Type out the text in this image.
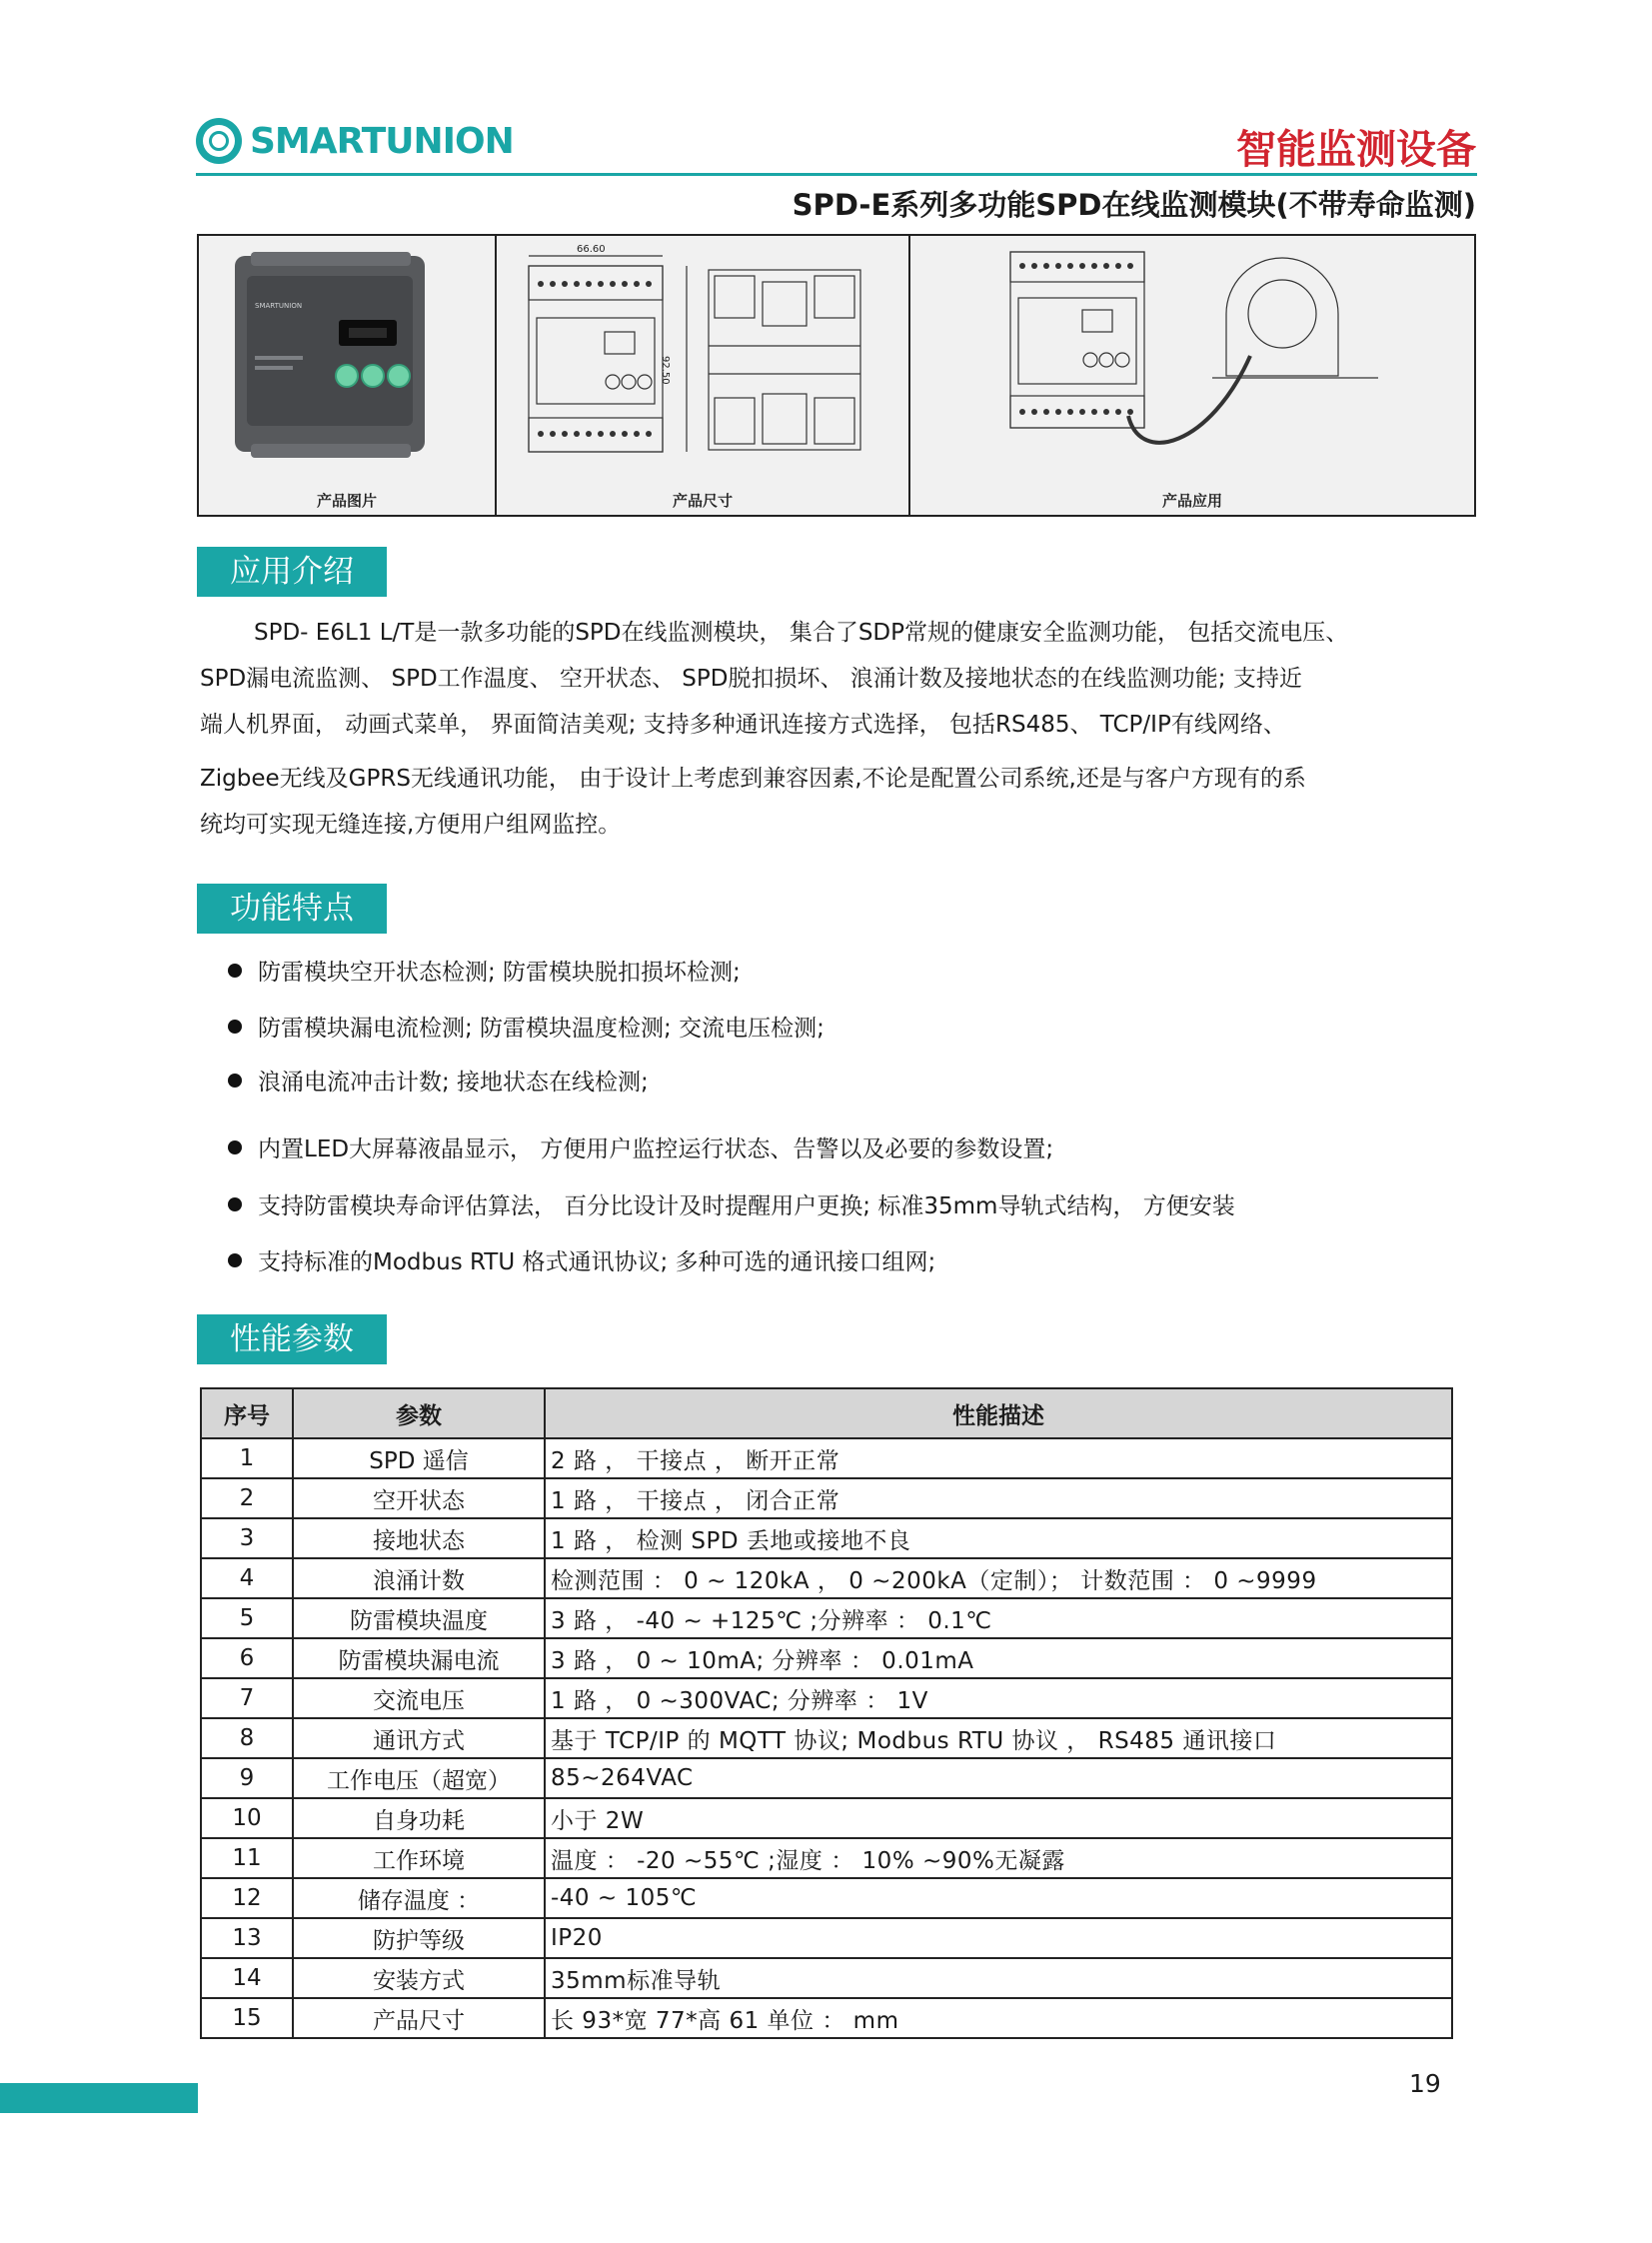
SMARTUNION	智能监测设备
SPD-E系列多功能SPD在线监测模块(不带寿命监测)
SMARTUNION
产品图片
66.60
92.50
产品尺寸	产品应用
应用介绍
SPD- E6L1 L/T是一款多功能的SPD在线监测模块， 集合了SDP常规的健康安全监测功能， 包括交流电压、
SPD漏电流监测、 SPD工作温度、 空开状态、 SPD脱扣损坏、 浪涌计数及接地状态的在线监测功能; 支持近
端人机界面， 动画式菜单， 界面简洁美观; 支持多种通讯连接方式选择， 包括RS485、 TCP/IP有线网络、
Zigbee无线及GPRS无线通讯功能， 由于设计上考虑到兼容因素,不论是配置公司系统,还是与客户方现有的系
统均可实现无缝连接,方便用户组网监控。
功能特点
防雷模块空开状态检测; 防雷模块脱扣损坏检测;
防雷模块漏电流检测; 防雷模块温度检测; 交流电压检测;
浪涌电流冲击计数; 接地状态在线检测;
内置LED大屏幕液晶显示， 方便用户监控运行状态、告警以及必要的参数设置;
支持防雷模块寿命评估算法， 百分比设计及时提醒用户更换; 标准35mm导轨式结构， 方便安装
支持标准的Modbus RTU 格式通讯协议; 多种可选的通讯接口组网;
性能参数
序号	参数	性能描述
1	SPD 遥信	2 路 ， 干接点 ， 断开正常
2	空开状态	1 路 ， 干接点 ， 闭合正常
3	接地状态	1 路 ， 检测 SPD 丢地或接地不良
4	浪涌计数	检测范围 ： 0 ~ 120kA ， 0 ~200kA（定制）； 计数范围 ： 0 ~9999
5	防雷模块温度	3 路 ， -40 ~ +125℃ ;分辨率 ： 0.1℃
6	防雷模块漏电流	3 路 ， 0 ~ 10mA; 分辨率 ： 0.01mA
7	交流电压	1 路 ， 0 ~300VAC; 分辨率 ： 1V
8	通讯方式	基于 TCP/IP 的 MQTT 协议; Modbus RTU 协议 ， RS485 通讯接口
9	工作电压（超宽）	85~264VAC
10	自身功耗	小于 2W
11	工作环境	温度 ： -20 ~55℃ ;湿度 ： 10% ~90%无凝露
12	储存温度 ：	-40 ~ 105℃
13	防护等级	IP20
14	安装方式	35mm标准导轨
15	产品尺寸	长 93*宽 77*高 61 单位 ： mm
19
